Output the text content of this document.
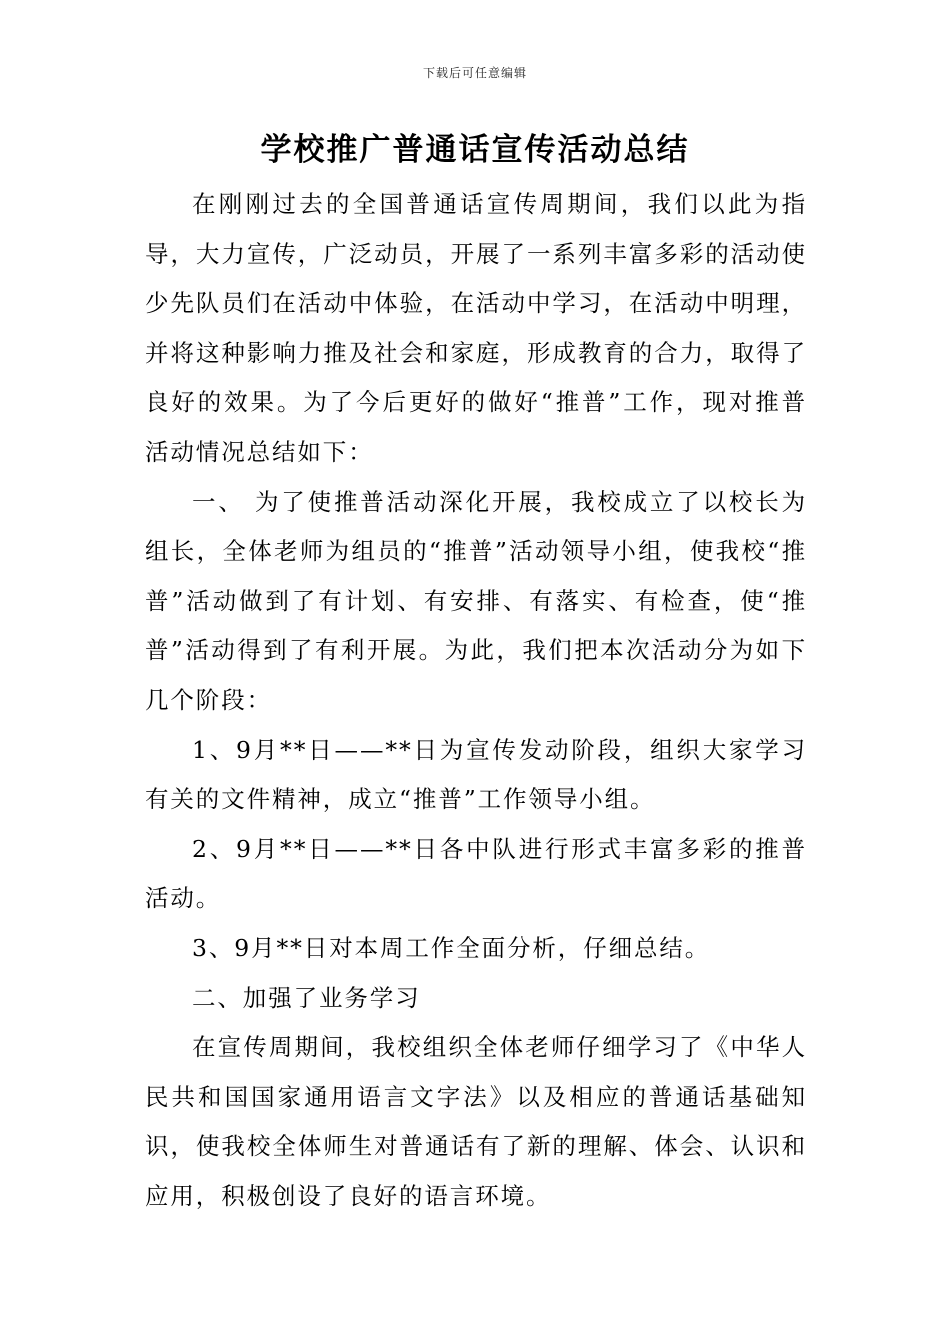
下载后可任意编辑
学校推广普通话宣传活动总结

在刚刚过去的全国普通话宣传周期间，我们以此为指导，大力宣传，广泛动员，开展了一系列丰富多彩的活动使少先队员们在活动中体验，在活动中学习，在活动中明理，并将这种影响力推及社会和家庭，形成教育的合力，取得了良好的效果。为了今后更好的做好“推普”工作，现对推普活动情况总结如下：

一、 为了使推普活动深化开展，我校成立了以校长为组长，全体老师为组员的“推普”活动领导小组，使我校“推普”活动做到了有计划、有安排、有落实、有检查，使“推普”活动得到了有利开展。为此，我们把本次活动分为如下几个阶段：

1、9月**日——**日为宣传发动阶段，组织大家学习有关的文件精神，成立“推普”工作领导小组。

2、9月**日——**日各中队进行形式丰富多彩的推普活动。

3、9月**日对本周工作全面分析，仔细总结。

二、加强了业务学习

在宣传周期间，我校组织全体老师仔细学习了《中华人民共和国国家通用语言文字法》以及相应的普通话基础知识，使我校全体师生对普通话有了新的理解、体会、认识和应用，积极创设了良好的语言环境。
